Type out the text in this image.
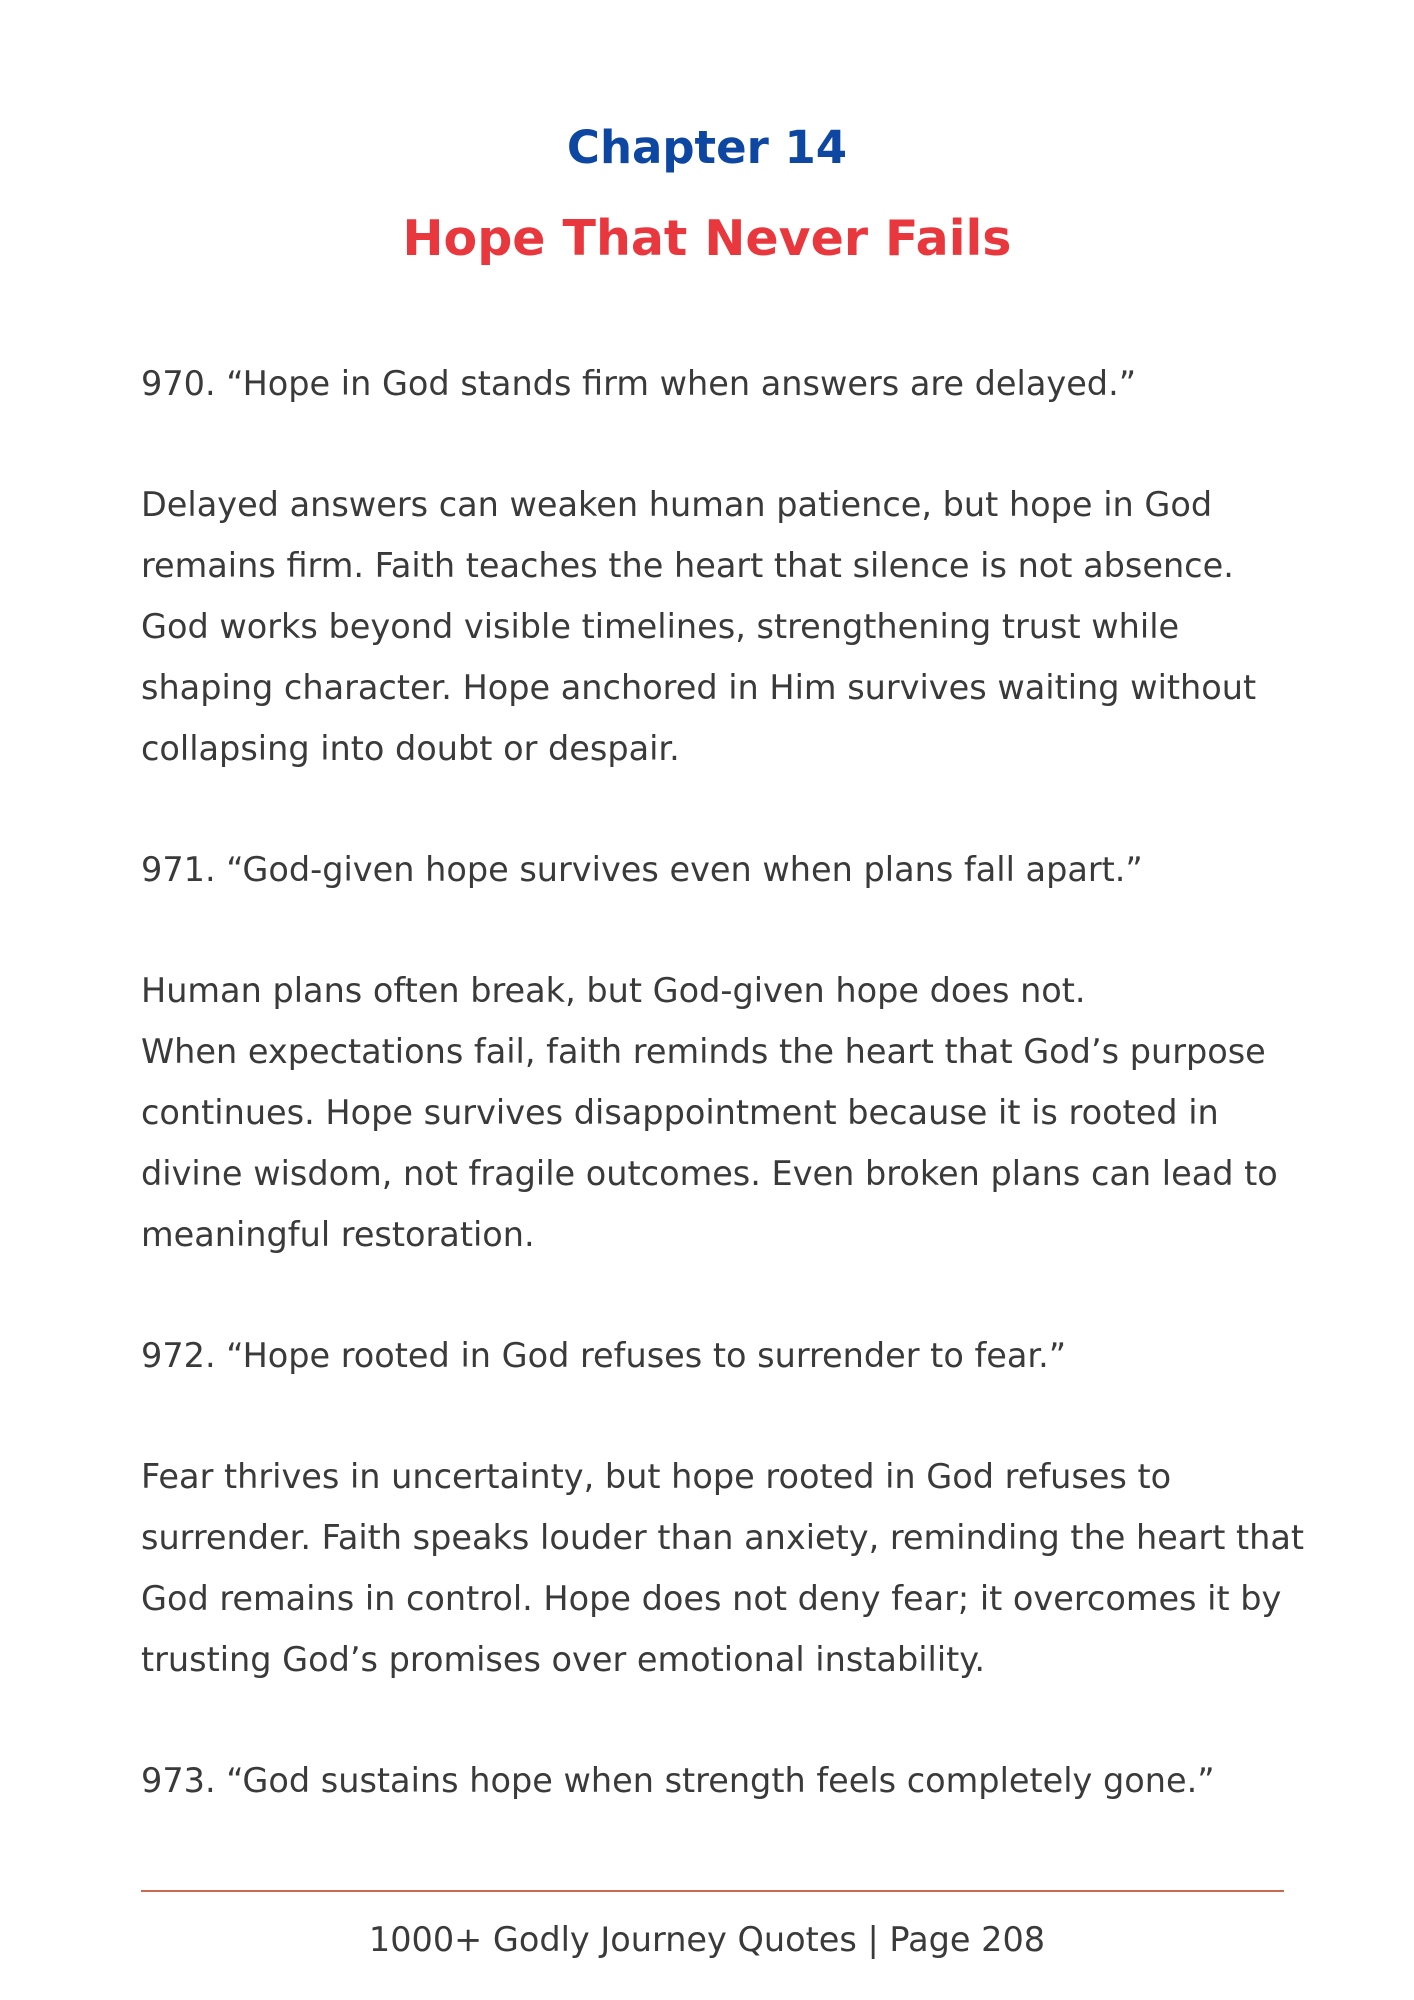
Chapter 14
Hope That Never Fails

970. “Hope in God stands firm when answers are delayed.”

Delayed answers can weaken human patience, but hope in God
remains firm. Faith teaches the heart that silence is not absence.
God works beyond visible timelines, strengthening trust while
shaping character. Hope anchored in Him survives waiting without
collapsing into doubt or despair.

971. “God-given hope survives even when plans fall apart.”

Human plans often break, but God-given hope does not.
When expectations fail, faith reminds the heart that God’s purpose
continues. Hope survives disappointment because it is rooted in
divine wisdom, not fragile outcomes. Even broken plans can lead to
meaningful restoration.

972. “Hope rooted in God refuses to surrender to fear.”

Fear thrives in uncertainty, but hope rooted in God refuses to
surrender. Faith speaks louder than anxiety, reminding the heart that
God remains in control. Hope does not deny fear; it overcomes it by
trusting God’s promises over emotional instability.

973. “God sustains hope when strength feels completely gone.”

1000+ Godly Journey Quotes | Page 208
